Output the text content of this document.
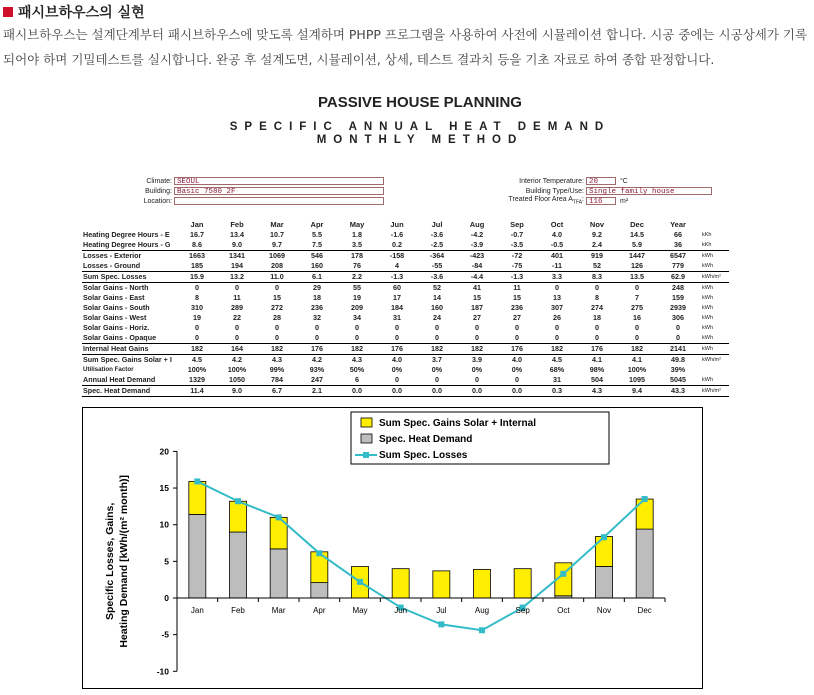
패시브하우스의 실현
패시브하우스는 설계단계부터 패시브하우스에 맞도록 설계하며 PHPP 프로그램을 사용하여 사전에 시뮬레이션 합니다. 시공 중에는 시공상세가 기록되어야 하며 기밀테스트를 실시합니다. 완공 후 설계도면, 시뮬레이션, 상세, 테스트 결과치 등을 기초 자료로 하여 종합 판정합니다.
PASSIVE HOUSE PLANNING
SPECIFIC ANNUAL HEAT DEMAND
MONTHLY METHOD
Climate: SEOUL
Building: Basic 7580 2F
Location:
Interior Temperature: 20	°C
Building Type/Use: Single family house
Treated Floor Area $A_{TFA}$: 116	m²
	Jan	Feb	Mar	Apr	May	Jun	Jul	Aug	Sep	Oct	Nov	Dec	Year	
Heating Degree Hours - E	16.7	13.4	10.7	5.5	1.8	-1.6	-3.6	-4.2	-0.7	4.0	9.2	14.5	66	kKh
Heating Degree Hours - G	8.6	9.0	9.7	7.5	3.5	0.2	-2.5	-3.9	-3.5	-0.5	2.4	5.9	36	kKh
Losses - Exterior	1663	1341	1069	546	178	-158	-364	-423	-72	401	919	1447	6547	kWh
Losses - Ground	185	194	208	160	76	4	-55	-84	-75	-11	52	126	779	kWh
Sum Spec. Losses	15.9	13.2	11.0	6.1	2.2	-1.3	-3.6	-4.4	-1.3	3.3	8.3	13.5	62.9	kWh/m²
Solar Gains - North	0	0	0	29	55	60	52	41	11	0	0	0	248	kWh
Solar Gains - East	8	11	15	18	19	17	14	15	15	13	8	7	159	kWh
Solar Gains - South	310	289	272	236	209	184	160	187	236	307	274	275	2939	kWh
Solar Gains - West	19	22	28	32	34	31	24	27	27	26	18	16	306	kWh
Solar Gains - Horiz.	0	0	0	0	0	0	0	0	0	0	0	0	0	kWh
Solar Gains - Opaque	0	0	0	0	0	0	0	0	0	0	0	0	0	kWh
Internal Heat Gains	182	164	182	176	182	176	182	182	176	182	176	182	2141	kWh
Sum Spec. Gains Solar + I	4.5	4.2	4.3	4.2	4.3	4.0	3.7	3.9	4.0	4.5	4.1	4.1	49.8	kWh/m²
Utilisation Factor	100%	100%	99%	93%	50%	0%	0%	0%	0%	68%	98%	100%	39%	
Annual Heat Demand	1329	1050	784	247	6	0	0	0	0	31	504	1095	5045	kWh
Spec. Heat Demand	11.4	9.0	6.7	2.1	0.0	0.0	0.0	0.0	0.0	0.3	4.3	9.4	43.3	kWh/m²
20
15
10
5
0
-5
-10
Jan	Feb	Mar	Apr	May	Jun	Jul	Aug	Sep	Oct	Nov	Dec
Specific Losses, Gains, Heating Demand [kWh/(m² month)]
Sum Spec. Gains Solar + Internal
Spec. Heat Demand
Sum Spec. Losses
